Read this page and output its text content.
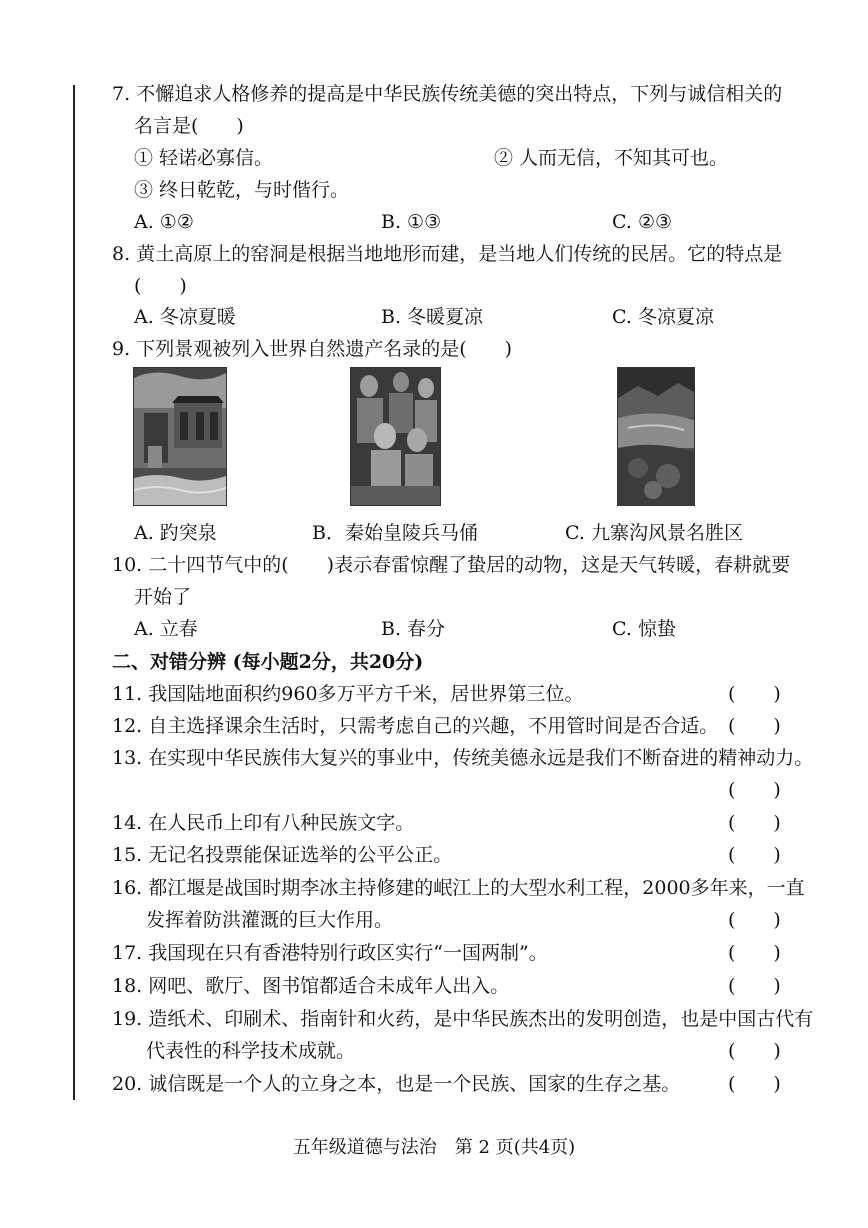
7. 不懈追求人格修养的提高是中华民族传统美德的突出特点，下列与诚信相关的
名言是(　　)
① 轻诺必寡信。	② 人而无信，不知其可也。
③ 终日乾乾，与时偕行。
A. ①②	B. ①③	C. ②③
8. 黄土高原上的窑洞是根据当地地形而建，是当地人们传统的民居。它的特点是
(　　)
A. 冬凉夏暖	B. 冬暖夏凉	C. 冬凉夏凉
9. 下列景观被列入世界自然遗产名录的是(　　)
A. 趵突泉	B．秦始皇陵兵马俑	C. 九寨沟风景名胜区
10. 二十四节气中的(　　)表示春雷惊醒了蛰居的动物，这是天气转暖，春耕就要
开始了
A. 立春	B. 春分	C. 惊蛰
二、对错分辨 (每小题2分，共20分)
11. 我国陆地面积约960多万平方千米，居世界第三位。	(　　)
12. 自主选择课余生活时，只需考虑自己的兴趣，不用管时间是否合适。 (　　)
13. 在实现中华民族伟大复兴的事业中，传统美德永远是我们不断奋进的精神动力。
(　　)
14. 在人民币上印有八种民族文字。	(　　)
15. 无记名投票能保证选举的公平公正。	(　　)
16. 都江堰是战国时期李冰主持修建的岷江上的大型水利工程，2000多年来，一直
发挥着防洪灌溉的巨大作用。	(　　)
17. 我国现在只有香港特别行政区实行“一国两制”。	(　　)
18. 网吧、歌厅、图书馆都适合未成年人出入。	(　　)
19. 造纸术、印刷术、指南针和火药，是中华民族杰出的发明创造，也是中国古代有
代表性的科学技术成就。	(　　)
20. 诚信既是一个人的立身之本，也是一个民族、国家的生存之基。	(　　)
五年级道德与法治　第 2 页(共4页)
